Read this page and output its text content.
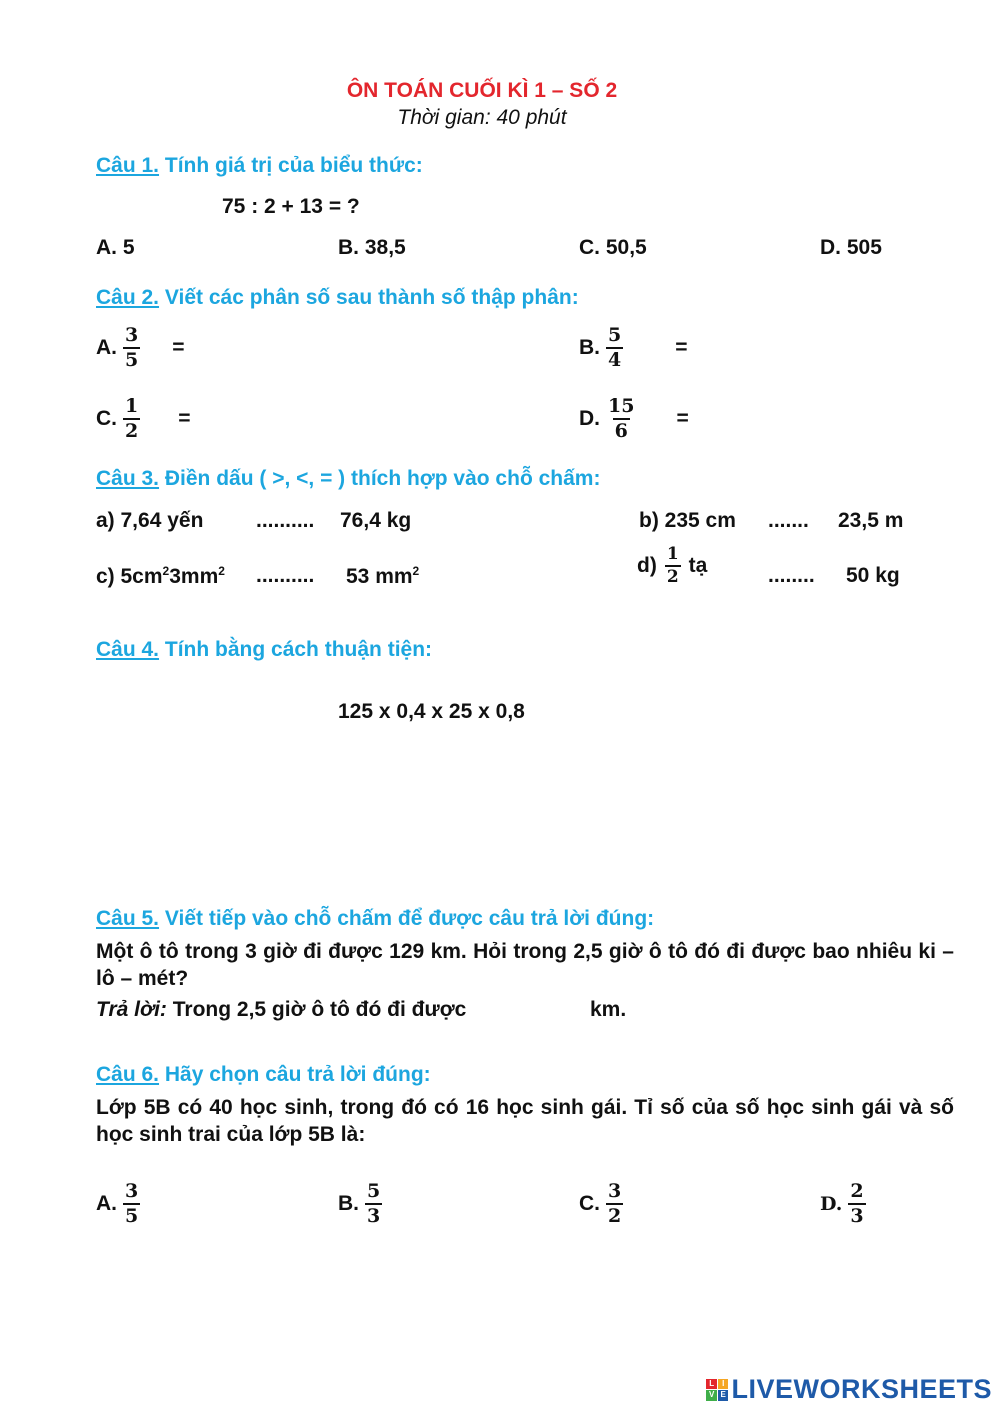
ÔN TOÁN CUỐI KÌ 1 – SỐ 2
Thời gian: 40 phút
Câu 1. Tính giá trị của biểu thức:
75 : 2 + 13 = ?
A. 5	B. 38,5	C. 50,5	D. 505
Câu 2. Viết các phân số sau thành số thập phân:
A. $\frac{3}{5}$ =	B. $\frac{5}{4}$ =
C. $\frac{1}{2}$ =	D. $\frac{15}{6}$ =
Câu 3. Điền dấu ( >, <, = ) thích hợp vào chỗ chấm:
a) 7,64 yến	.......... 76,4 kg	b) 235 cm ....... 23,5 m
c) $5cm^23mm^2$ .......... 53 $mm^2$	$d) \frac{1}{2}$ tạ	........ 50 kg
Câu 4. Tính bằng cách thuận tiện:
125 x 0,4 x 25 x 0,8
Câu 5. Viết tiếp vào chỗ chấm để được câu trả lời đúng:
Một ô tô trong 3 giờ đi được 129 km. Hỏi trong 2,5 giờ ô tô đó đi được bao nhiêu ki – lô – mét?
Trả lời: Trong 2,5 giờ ô tô đó đi được	km.
Câu 6. Hãy chọn câu trả lời đúng:
Lớp 5B có 40 học sinh, trong đó có 16 học sinh gái. Tỉ số của số học sinh gái và số học sinh trai của lớp 5B là:
A. $\frac{3}{5}$	B. $\frac{5}{3}$	C. $\frac{3}{2}$	D. $\frac{2}{3}$
L I
V E LIVEWORKSHEETS
